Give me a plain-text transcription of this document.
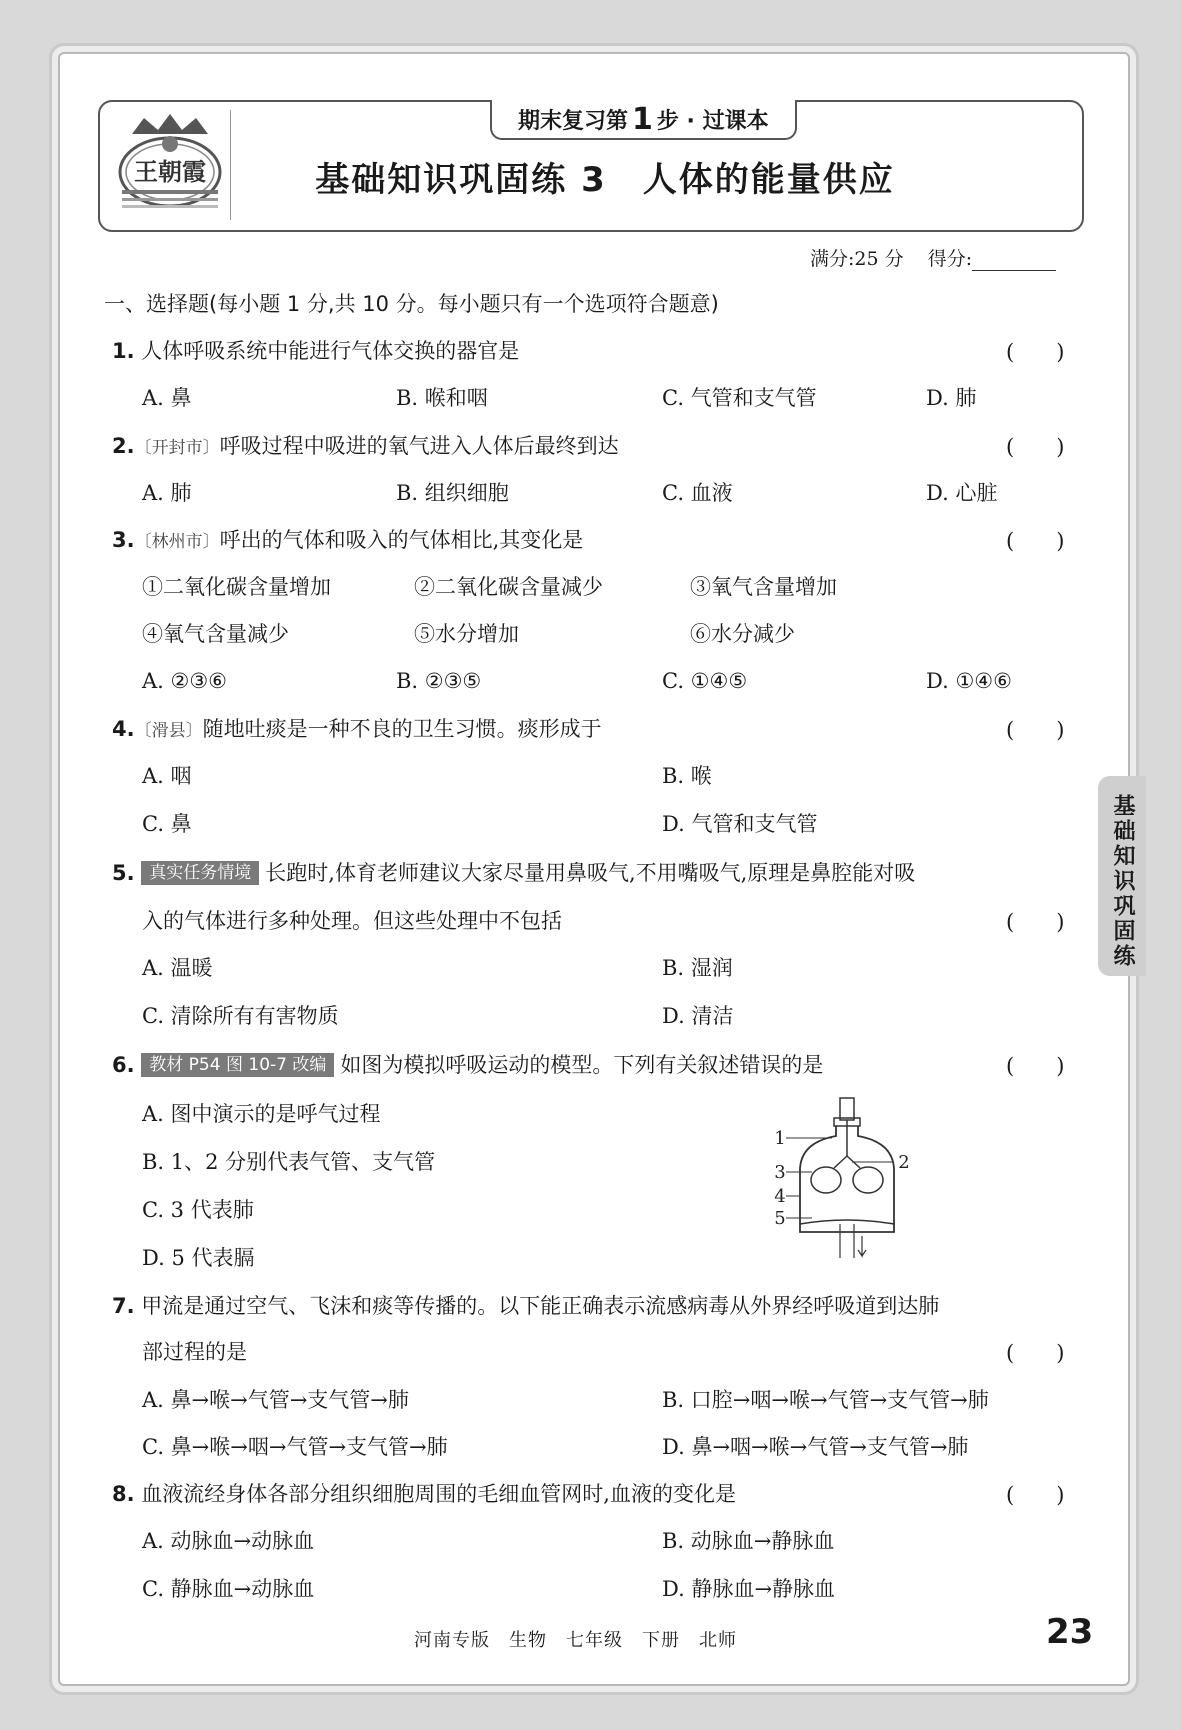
王朝霞
期末复习第 1 步 · 过课本
基础知识巩固练 3　人体的能量供应
满分:25 分 得分:
一、选择题(每小题 1 分,共 10 分。每小题只有一个选项符合题意)
1. 人体呼吸系统中能进行气体交换的器官是	(　　)
A. 鼻	B. 喉和咽	C. 气管和支气管	D. 肺
2.〔开封市〕呼吸过程中吸进的氧气进入人体后最终到达	(　　)
A. 肺	B. 组织细胞	C. 血液	D. 心脏
3.〔林州市〕呼出的气体和吸入的气体相比,其变化是	(　　)
①二氧化碳含量增加	②二氧化碳含量减少	③氧气含量增加
④氧气含量减少	⑤水分增加	⑥水分减少
A. ②③⑥	B. ②③⑤	C. ①④⑤	D. ①④⑥
4.〔滑县〕随地吐痰是一种不良的卫生习惯。痰形成于	(　　)
A. 咽	B. 喉
C. 鼻	D. 气管和支气管
5. 真实任务情境 长跑时,体育老师建议大家尽量用鼻吸气,不用嘴吸气,原理是鼻腔能对吸
入的气体进行多种处理。但这些处理中不包括	(　　)
A. 温暖	B. 湿润
C. 清除所有有害物质	D. 清洁
6. 教材 P54 图 10-7 改编 如图为模拟呼吸运动的模型。下列有关叙述错误的是	(　　)
A. 图中演示的是呼气过程
B. 1、2 分别代表气管、支气管
C. 3 代表肺
D. 5 代表膈
1
2
3
4
5
7. 甲流是通过空气、飞沫和痰等传播的。以下能正确表示流感病毒从外界经呼吸道到达肺
部过程的是	(　　)
A. 鼻→喉→气管→支气管→肺	B. 口腔→咽→喉→气管→支气管→肺
C. 鼻→喉→咽→气管→支气管→肺	D. 鼻→咽→喉→气管→支气管→肺
8. 血液流经身体各部分组织细胞周围的毛细血管网时,血液的变化是	(　　)
A. 动脉血→动脉血	B. 动脉血→静脉血
C. 静脉血→动脉血	D. 静脉血→静脉血
基础知识巩固练
河南专版　生物　七年级　下册　北师	23
